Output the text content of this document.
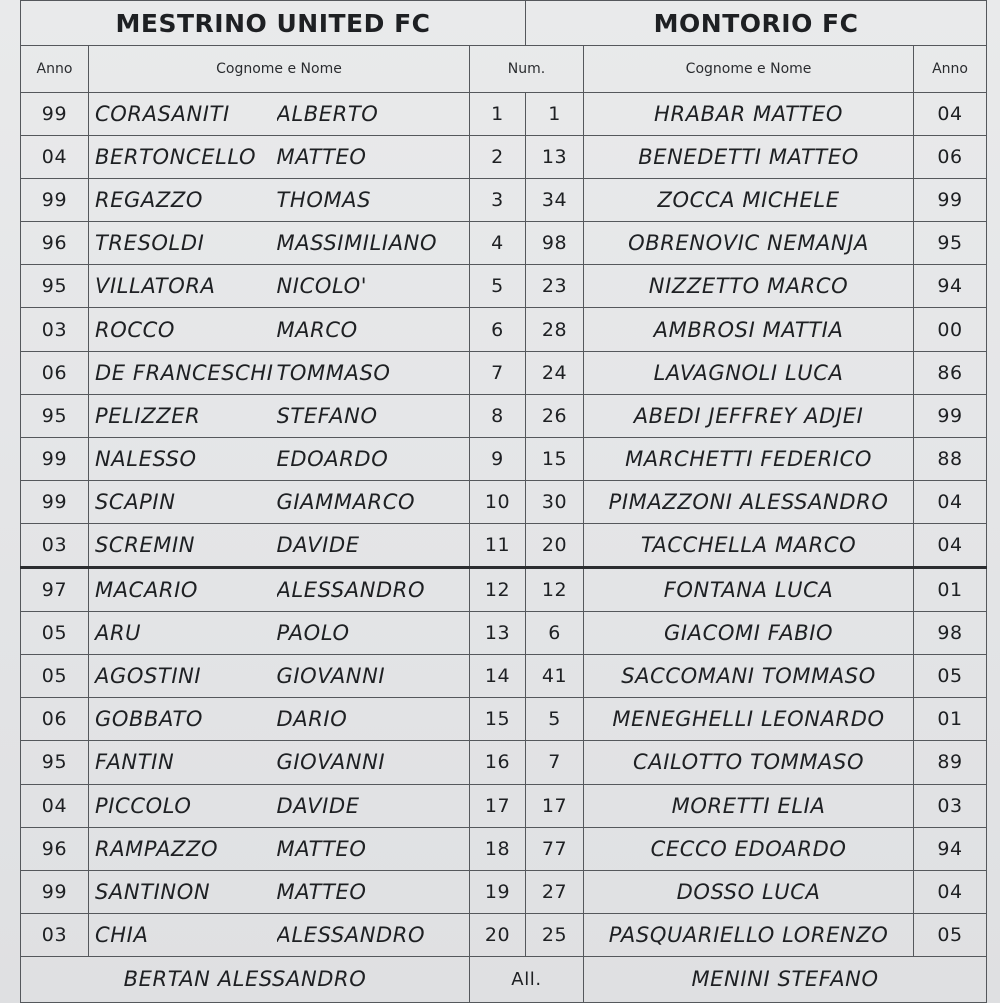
MESTRINO UNITED FC				MONTORIO FC		
Anno	Cognome e Nome		Num.		Cognome e Nome	Anno
99	CORASANITI	ALBERTO	1	1	HRABAR MATTEO	04
04	BERTONCELLO	MATTEO	2	13	BENEDETTI MATTEO	06
99	REGAZZO	THOMAS	3	34	ZOCCA MICHELE	99
96	TRESOLDI	MASSIMILIANO	4	98	OBRENOVIC NEMANJA	95
95	VILLATORA	NICOLO'	5	23	NIZZETTO MARCO	94
03	ROCCO	MARCO	6	28	AMBROSI MATTIA	00
06	DE FRANCESCHI	TOMMASO	7	24	LAVAGNOLI LUCA	86
95	PELIZZER	STEFANO	8	26	ABEDI JEFFREY ADJEI	99
99	NALESSO	EDOARDO	9	15	MARCHETTI FEDERICO	88
99	SCAPIN	GIAMMARCO	10	30	PIMAZZONI ALESSANDRO	04
03	SCREMIN	DAVIDE	11	20	TACCHELLA MARCO	04
97	MACARIO	ALESSANDRO	12	12	FONTANA LUCA	01
05	ARU	PAOLO	13	6	GIACOMI FABIO	98
05	AGOSTINI	GIOVANNI	14	41	SACCOMANI TOMMASO	05
06	GOBBATO	DARIO	15	5	MENEGHELLI LEONARDO	01
95	FANTIN	GIOVANNI	16	7	CAILOTTO TOMMASO	89
04	PICCOLO	DAVIDE	17	17	MORETTI ELIA	03
96	RAMPAZZO	MATTEO	18	77	CECCO EDOARDO	94
99	SANTINON	MATTEO	19	27	DOSSO LUCA	04
03	CHIA	ALESSANDRO	20	25	PASQUARIELLO LORENZO	05
BERTAN ALESSANDRO			All.		MENINI STEFANO	
